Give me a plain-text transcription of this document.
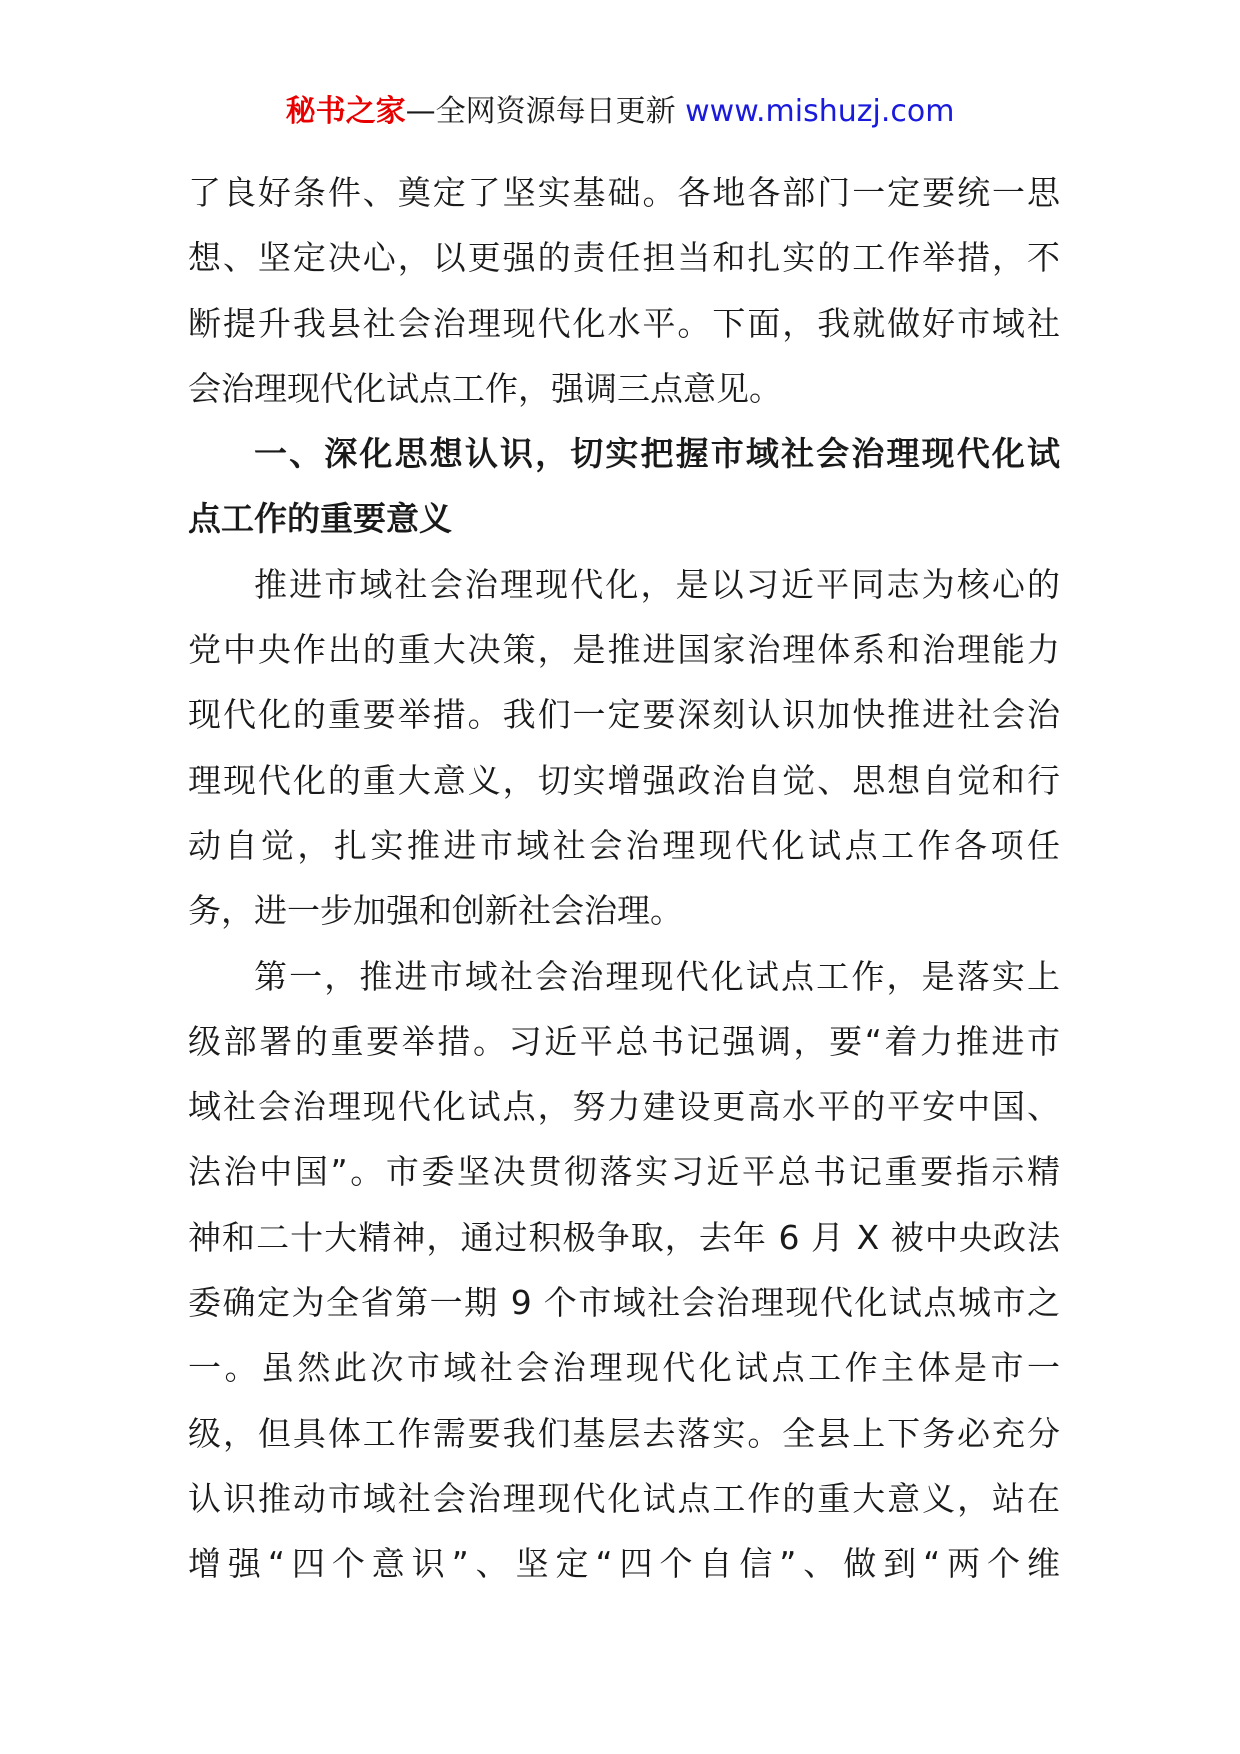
秘书之家—全网资源每日更新 www.mishuzj.com
了良好条件、奠定了坚实基础。各地各部门一定要统一思
想、坚定决心，以更强的责任担当和扎实的工作举措，不
断提升我县社会治理现代化水平。下面，我就做好市域社
会治理现代化试点工作，强调三点意见。
一、深化思想认识，切实把握市域社会治理现代化试
点工作的重要意义
推进市域社会治理现代化，是以习近平同志为核心的
党中央作出的重大决策，是推进国家治理体系和治理能力
现代化的重要举措。我们一定要深刻认识加快推进社会治
理现代化的重大意义，切实增强政治自觉、思想自觉和行
动自觉，扎实推进市域社会治理现代化试点工作各项任
务，进一步加强和创新社会治理。
第一，推进市域社会治理现代化试点工作，是落实上
级部署的重要举措。习近平总书记强调，要“着力推进市
域社会治理现代化试点，努力建设更高水平的平安中国、
法治中国”。市委坚决贯彻落实习近平总书记重要指示精
神和二十大精神，通过积极争取，去年 6 月 X 被中央政法
委确定为全省第一期 9 个市域社会治理现代化试点城市之
一。虽然此次市域社会治理现代化试点工作主体是市一
级，但具体工作需要我们基层去落实。全县上下务必充分
认识推动市域社会治理现代化试点工作的重大意义，站在
增强“四个意识”、坚定“四个自信”、做到“两个维
